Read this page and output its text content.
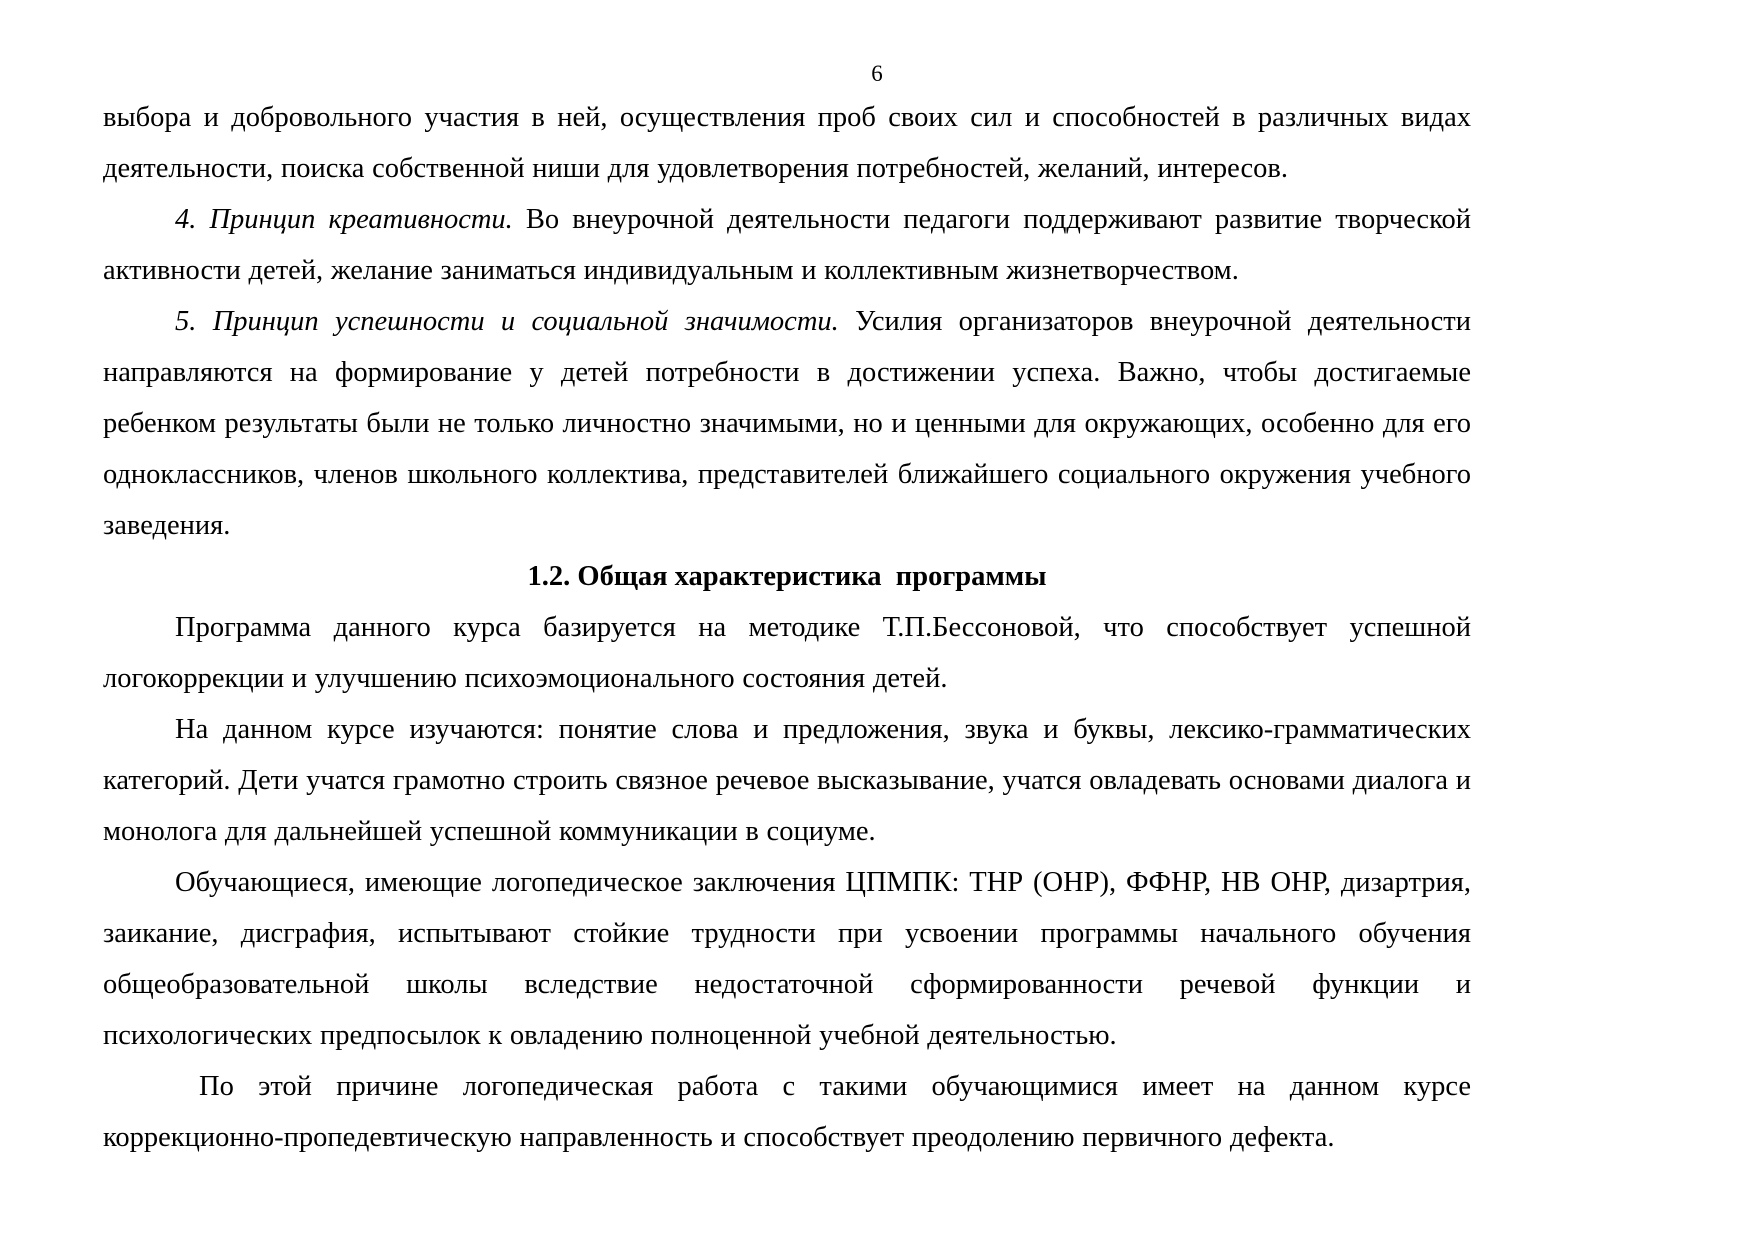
6

выбора и добровольного участия в ней, осуществления проб своих сил и способностей в различных видах деятельности, поиска собственной ниши для удовлетворения потребностей, желаний, интересов.

4. Принцип креативности. Во внеурочной деятельности педагоги поддерживают развитие творческой активности детей, желание заниматься индивидуальным и коллективным жизнетворчеством.

5. Принцип успешности и социальной значимости. Усилия организаторов внеурочной деятельности направляются на формирование у детей потребности в достижении успеха. Важно, чтобы достигаемые ребенком результаты были не только личностно значимыми, но и ценными для окружающих, особенно для его одноклассников, членов школьного коллектива, представителей ближайшего социального окружения учебного заведения.

1.2. Общая характеристика  программы

Программа данного курса базируется на методике Т.П.Бессоновой, что способствует успешной логокоррекции и улучшению психоэмоционального состояния детей.

На данном курсе изучаются: понятие слова и предложения, звука и буквы, лексико-грамматических категорий. Дети учатся грамотно строить связное речевое высказывание, учатся овладевать основами диалога и монолога для дальнейшей успешной коммуникации в социуме.

Обучающиеся, имеющие логопедическое заключения ЦПМПК: ТНР (ОНР), ФФНР, НВ ОНР, дизартрия, заикание, дисграфия, испытывают стойкие трудности при усвоении программы начального обучения общеобразовательной школы вследствие недостаточной сформированности речевой функции и психологических предпосылок к овладению полноценной учебной деятельностью.

По этой причине логопедическая работа с такими обучающимися имеет на данном курсе коррекционно-пропедевтическую направленность и способствует преодолению первичного дефекта.
